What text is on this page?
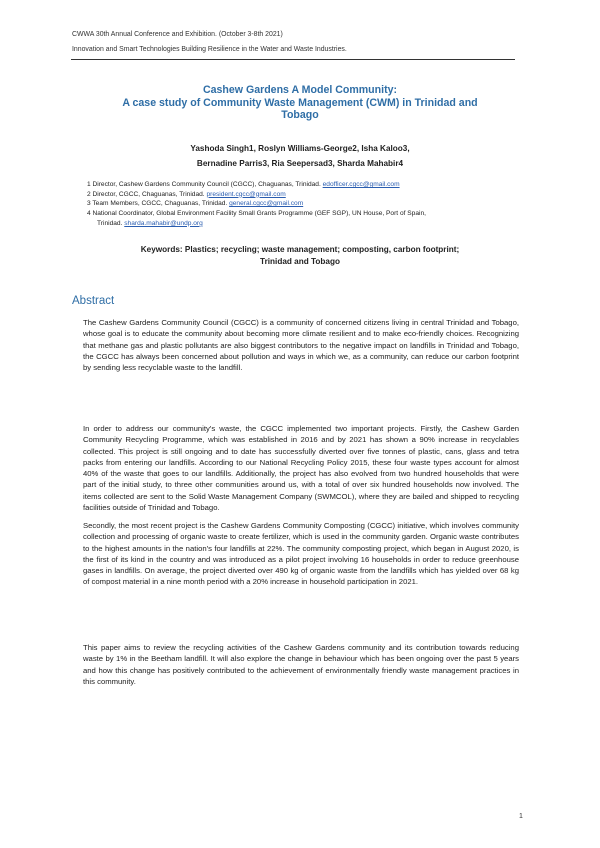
CWWA 30th Annual Conference and Exhibition. (October 3-8th 2021)
Innovation and Smart Technologies Building Resilience in the Water and Waste Industries.
Cashew Gardens A Model Community:
A case study of Community Waste Management (CWM) in Trinidad and
Tobago
Yashoda Singh1, Roslyn Williams-George2, Isha Kaloo3,
Bernadine Parris3, Ria Seepersad3, Sharda Mahabir4
1 Director, Cashew Gardens Community Council (CGCC), Chaguanas, Trinidad. edofficer.cgcc@gmail.com
2 Director, CGCC, Chaguanas, Trinidad. president.cgcc@gmail.com
3 Team Members, CGCC, Chaguanas, Trinidad. general.cgcc@gmail.com
4 National Coordinator, Global Environment Facility Small Grants Programme (GEF SGP), UN House, Port of Spain,
Trinidad. sharda.mahabir@undp.org
Keywords: Plastics; recycling; waste management; composting, carbon footprint;
Trinidad and Tobago
Abstract

The Cashew Gardens Community Council (CGCC) is a community of concerned citizens living in central Trinidad and Tobago, whose goal is to educate the community about becoming more climate resilient and to make eco-friendly choices. Recognizing that methane gas and plastic pollutants are also biggest contributors to the negative impact on landfills in Trinidad and Tobago, the CGCC has always been concerned about pollution and ways in which we, as a community, can reduce our carbon footprint by sending less recyclable waste to the landfill.

In order to address our community's waste, the CGCC implemented two important projects. Firstly, the Cashew Garden Community Recycling Programme, which was established in 2016 and by 2021 has shown a 90% increase in recyclables collected. This project is still ongoing and to date has successfully diverted over five tonnes of plastic, cans, glass and tetra packs from entering our landfills. According to our National Recycling Policy 2015, these four waste types account for almost 40% of the waste that goes to our landfills. Additionally, the project has also evolved from two hundred households that were part of the initial study, to three other communities around us, with a total of over six hundred households now involved. The items collected are sent to the Solid Waste Management Company (SWMCOL), where they are bailed and shipped to recycling facilities outside of Trinidad and Tobago.

Secondly, the most recent project is the Cashew Gardens Community Composting (CGCC) initiative, which involves community collection and processing of organic waste to create fertilizer, which is used in the community garden. Organic waste contributes to the highest amounts in the nation's four landfills at 22%. The community composting project, which began in August 2020, is the first of its kind in the country and was introduced as a pilot project involving 16 households in order to reduce greenhouse gases in landfills. On average, the project diverted over 490 kg of organic waste from the landfills which has yielded over 68 kg of compost material in a nine month period with a 20% increase in household participation in 2021.

This paper aims to review the recycling activities of the Cashew Gardens community and its contribution towards reducing waste by 1% in the Beetham landfill. It will also explore the change in behaviour which has been ongoing over the past 5 years and how this change has positively contributed to the achievement of environmentally friendly waste management practices in this community.

1
